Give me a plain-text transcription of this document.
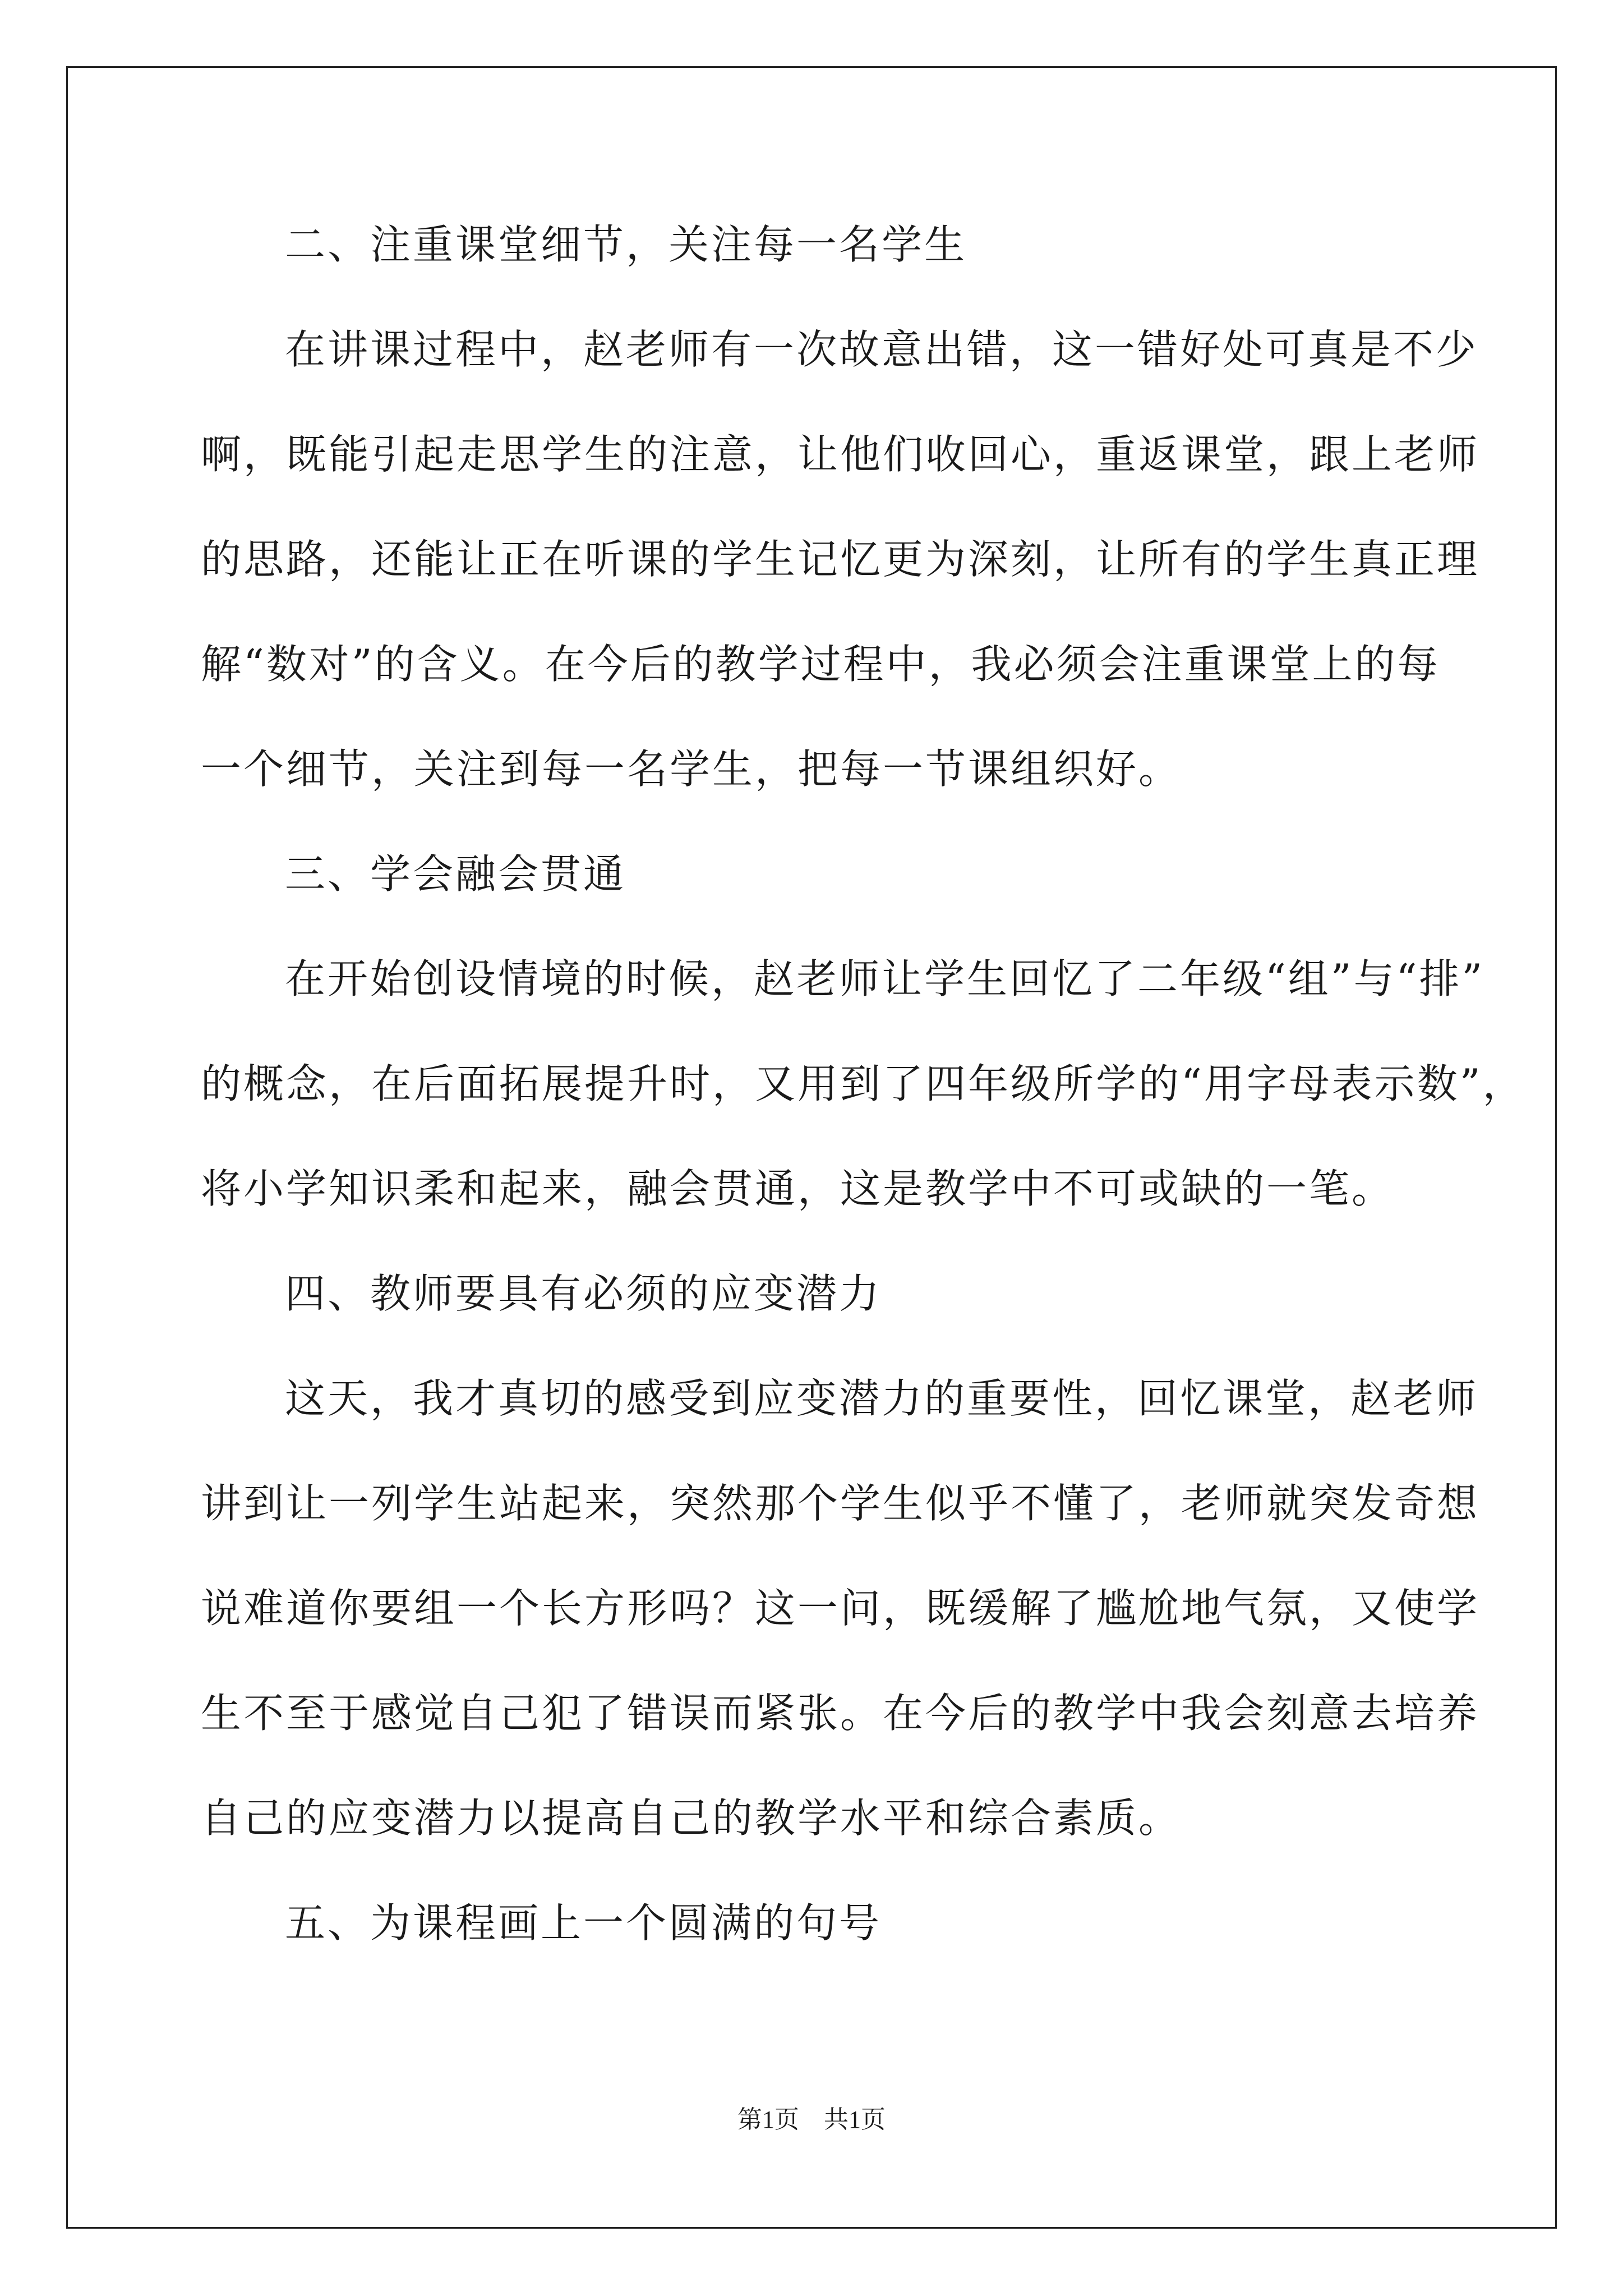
二、注重课堂细节，关注每一名学生
在讲课过程中，赵老师有一次故意出错，这一错好处可真是不少
啊，既能引起走思学生的注意，让他们收回心，重返课堂，跟上老师
的思路，还能让正在听课的学生记忆更为深刻，让所有的学生真正理
解“数对”的含义。在今后的教学过程中，我必须会注重课堂上的每
一个细节，关注到每一名学生，把每一节课组织好。
三、学会融会贯通
在开始创设情境的时候，赵老师让学生回忆了二年级“组”与“排”
的概念，在后面拓展提升时，又用到了四年级所学的“用字母表示数”，
将小学知识柔和起来，融会贯通，这是教学中不可或缺的一笔。
四、教师要具有必须的应变潜力
这天，我才真切的感受到应变潜力的重要性，回忆课堂，赵老师
讲到让一列学生站起来，突然那个学生似乎不懂了，老师就突发奇想
说难道你要组一个长方形吗？这一问，既缓解了尴尬地气氛，又使学
生不至于感觉自己犯了错误而紧张。在今后的教学中我会刻意去培养
自己的应变潜力以提高自己的教学水平和综合素质。
五、为课程画上一个圆满的句号
第1页　共1页
